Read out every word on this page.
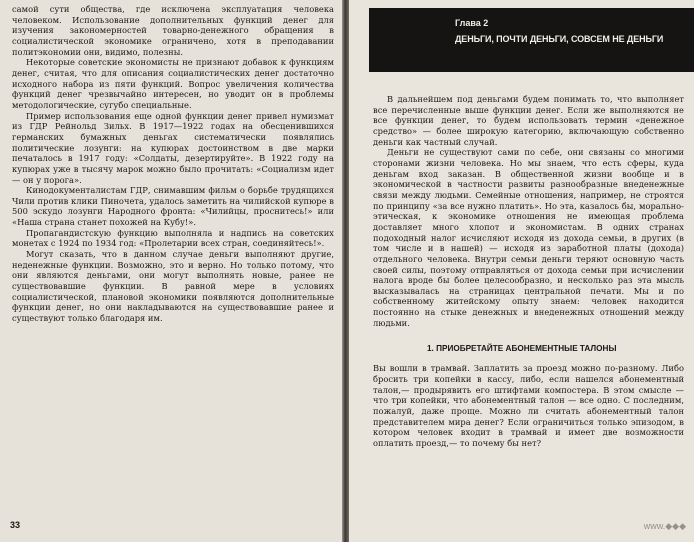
самой сути общества, где исключена эксплуатация человека человеком. Использование дополнительных функций денег для изучения закономерностей товарно-денежного обращения в социалистической экономике ограничено, хотя в преподавании политэкономии они, видимо, полезны.

Некоторые советские экономисты не признают добавок к функциям денег, считая, что для описания социалистических денег достаточно исходного набора из пяти функций. Вопрос увеличения количества функций денег чрезвычайно интересен, но уводит он в проблемы методологические, сугубо специальные.

Пример использования еще одной функции денег привел нумизмат из ГДР Рейнольд Зильх. В 1917—1922 годах на обесценившихся германских бумажных деньгах систематически появлялись политические лозунги: на купюрах достоинством в две марки печаталось в 1917 году: «Солдаты, дезертируйте». В 1922 году на купюрах уже в тысячу марок можно было прочитать: «Социализм идет — он у порога».

Кинодокументалистам ГДР, снимавшим фильм о борьбе трудящихся Чили против клики Пиночета, удалось заметить на чилийской купюре в 500 эскудо лозунги Народного фронта: «Чилийцы, проснитесь!» или «Наша страна станет похожей на Кубу!».

Пропагандистскую функцию выполняла и надпись на советских монетах с 1924 по 1934 год: «Пролетарии всех стран, соединяйтесь!».

Могут сказать, что в данном случае деньги выполняют другие, неденежные функции. Возможно, это и верно. Но только потому, что они являются деньгами, они могут выполнять новые, ранее не существовавшие функции. В равной мере в условиях социалистической, плановой экономики появляются дополнительные функции денег, но они накладываются на существовавшие ранее и существуют только благодаря им.

33
Глава 2
ДЕНЬГИ, ПОЧТИ ДЕНЬГИ, СОВСЕМ НЕ ДЕНЬГИ

В дальнейшем под деньгами будем понимать то, что выполняет все перечисленные выше функции денег. Если же выполняются не все функции денег, то будем использовать термин «денежное средство» — более широкую категорию, включающую собственно деньги как частный случай.

Деньги не существуют сами по себе, они связаны со многими сторонами жизни человека. Но мы знаем, что есть сферы, куда деньгам вход заказан. В общественной жизни вообще и в экономической в частности развиты разнообразные внеденежные связи между людьми. Семейные отношения, например, не строятся по принципу «за все нужно платить». Но эта, казалось бы, морально-этическая, к экономике отношения не имеющая проблема доставляет много хлопот и экономистам. В одних странах подоходный налог исчисляют исходя из дохода семьи, в других (в том числе и в нашей) — исходя из заработной платы (дохода) отдельного человека. Внутри семьи деньги теряют основную часть своей силы, поэтому отправляться от дохода семьи при исчислении налога вроде бы более целесообразно, и несколько раз эта мысль высказывалась на страницах центральной печати. Мы и по собственному житейскому опыту знаем: человек находится постоянно на стыке денежных и внеденежных отношений между людьми.

1. ПРИОБРЕТАЙТЕ АБОНЕМЕНТНЫЕ ТАЛОНЫ

Вы вошли в трамвай. Заплатить за проезд можно по-разному. Либо бросить три копейки в кассу, либо, если нашелся абонементный талон,— продырявить его штифтами компостера. В этом смысле — что три копейки, что абонементный талон — все одно. С последним, пожалуй, даже проще. Можно ли считать абонементный талон представителем мира денег? Если ограничиться только эпизодом, в котором человек входит в трамвай и имеет две возможности оплатить проезд,— то почему бы нет?

www.◆◆◆
